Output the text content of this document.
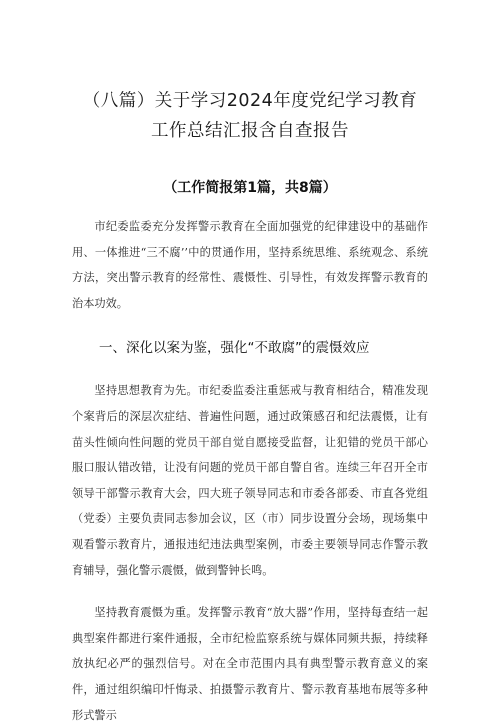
（八篇）关于学习2024年度党纪学习教育
工作总结汇报含自查报告

（工作简报第1篇，共8篇）

市纪委监委充分发挥警示教育在全面加强党的纪律建设中的基础作用、一体推进“三不腐’’中的贯通作用，坚持系统思维、系统观念、系统方法，突出警示教育的经常性、震慑性、引导性，有效发挥警示教育的治本功效。

一、深化以案为鉴，强化“不敢腐”的震慑效应

坚持思想教育为先。市纪委监委注重惩戒与教育相结合，精准发现个案背后的深层次症结、普遍性问题，通过政策感召和纪法震慑，让有苗头性倾向性问题的党员干部自觉自愿接受监督，让犯错的党员干部心服口服认错改错，让没有问题的党员干部自警自省。连续三年召开全市领导干部警示教育大会，四大班子领导同志和市委各部委、市直各党组（党委）主要负责同志参加会议，区（市）同步设置分会场，现场集中观看警示教育片，通报违纪违法典型案例，市委主要领导同志作警示教育辅导，强化警示震慑，做到警钟长鸣。

坚持教育震慑为重。发挥警示教育“放大器”作用，坚持每查结一起典型案件都进行案件通报，全市纪检监察系统与媒体同频共振，持续释放执纪必严的强烈信号。对在全市范围内具有典型警示教育意义的案件，通过组织编印忏悔录、拍摄警示教育片、警示教育基地布展等多种形式警示
